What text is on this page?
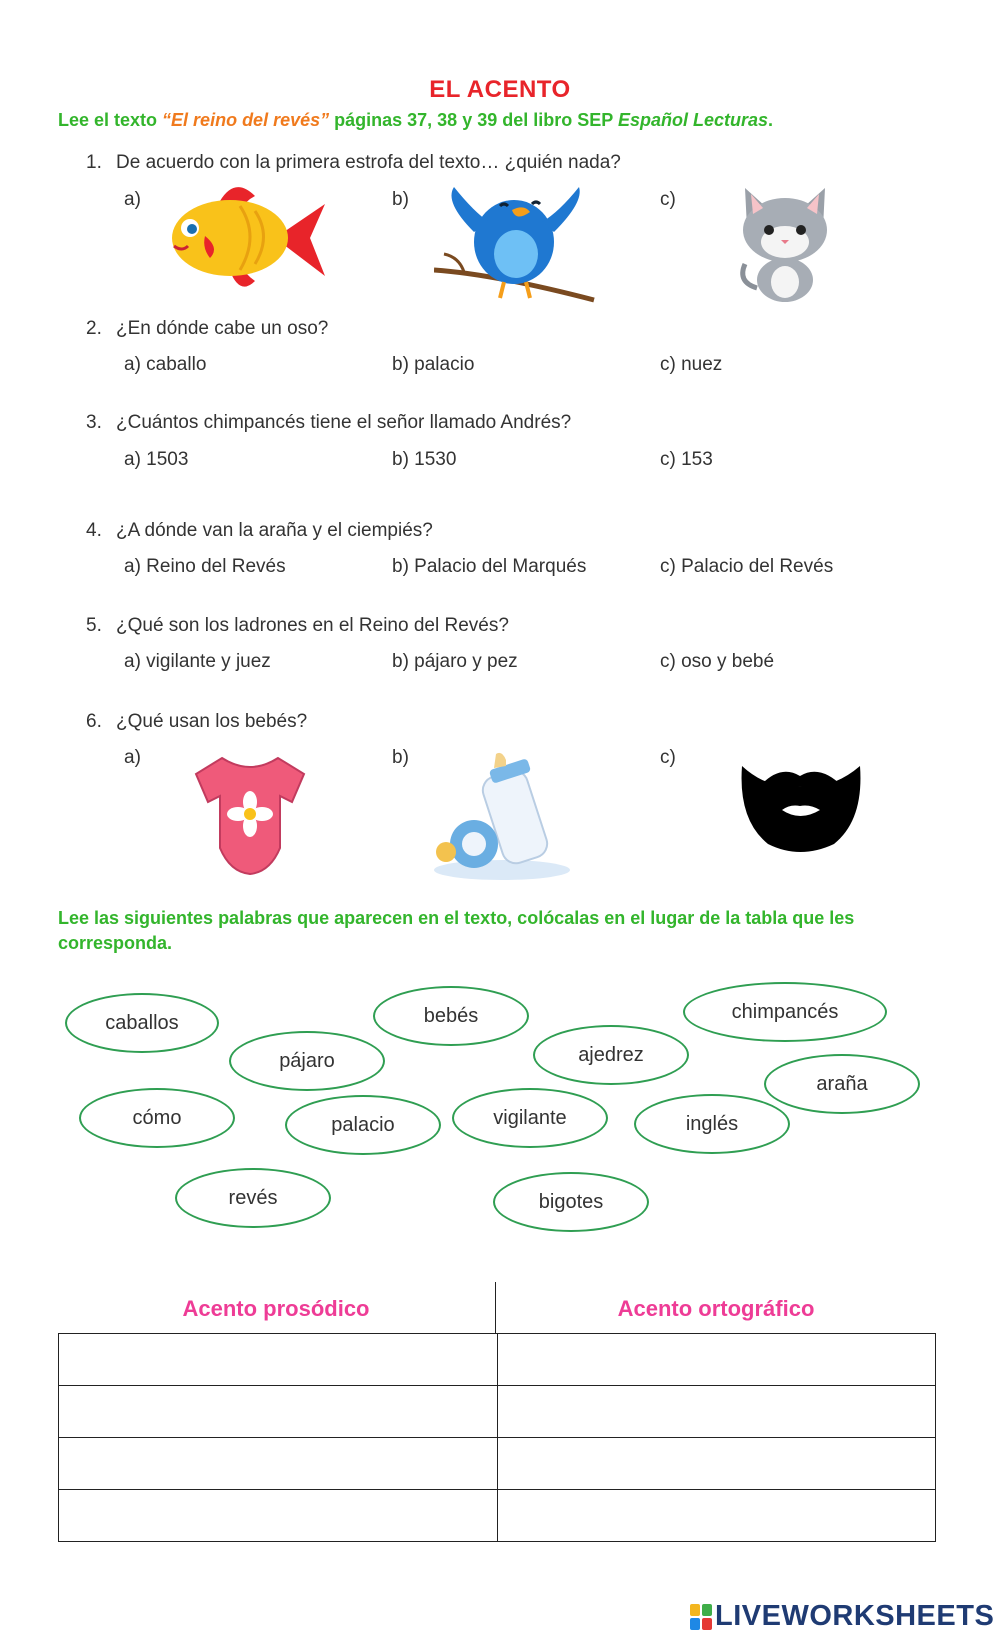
EL ACENTO
Lee el texto “El reino del revés” páginas 37, 38 y 39 del libro SEP Español Lecturas.
1. De acuerdo con la primera estrofa del texto… ¿quién nada?
a)	b)	c)
2. ¿En dónde cabe un oso?
a) caballo	b) palacio	c) nuez
3. ¿Cuántos chimpancés tiene el señor llamado Andrés?
a) 1503	b) 1530	c) 153
4. ¿A dónde van la araña y el ciempiés?
a) Reino del Revés	b) Palacio del Marqués	c) Palacio del Revés
5. ¿Qué son los ladrones en el Reino del Revés?
a) vigilante y juez	b) pájaro y pez	c) oso y bebé
6. ¿Qué usan los bebés?
a)	b)	c)
Lee las siguientes palabras que aparecen en el texto, colócalas en el lugar de la tabla que les corresponda.
caballos	bebés	chimpancés
pájaro	ajedrez
araña
cómo	palacio	vigilante	inglés
revés	bigotes
Acento prosódico	Acento ortográfico

LIVEWORKSHEETS
